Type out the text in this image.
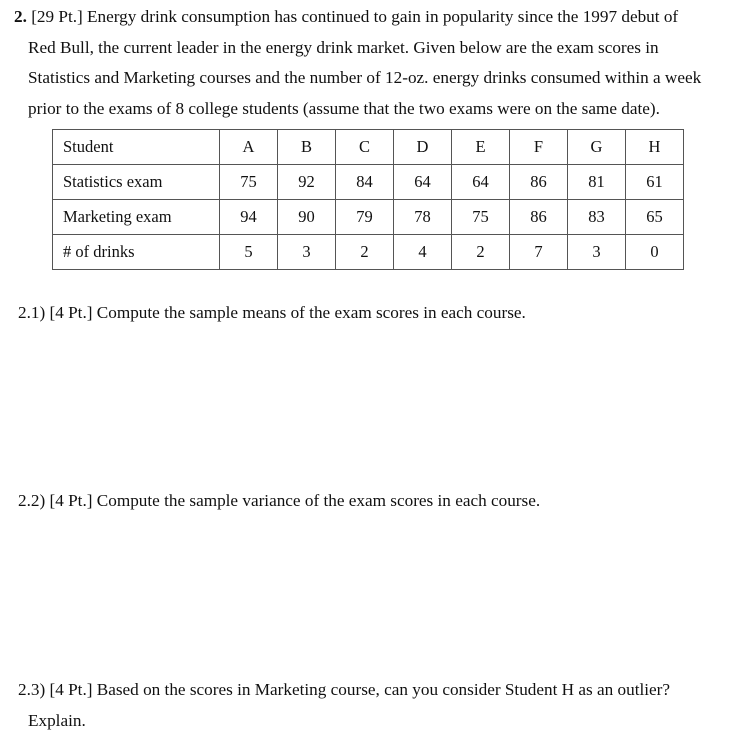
2. [29 Pt.] Energy drink consumption has continued to gain in popularity since the 1997 debut of
Red Bull, the current leader in the energy drink market. Given below are the exam scores in
Statistics and Marketing courses and the number of 12-oz. energy drinks consumed within a week
prior to the exams of 8 college students (assume that the two exams were on the same date).
Student	A	B	C	D	E	F	G	H
Statistics exam	75	92	84	64	64	86	81	61
Marketing exam	94	90	79	78	75	86	83	65
# of drinks	5	3	2	4	2	7	3	0
2.1) [4 Pt.] Compute the sample means of the exam scores in each course.
2.2) [4 Pt.] Compute the sample variance of the exam scores in each course.
2.3) [4 Pt.] Based on the scores in Marketing course, can you consider Student H as an outlier?
Explain.
